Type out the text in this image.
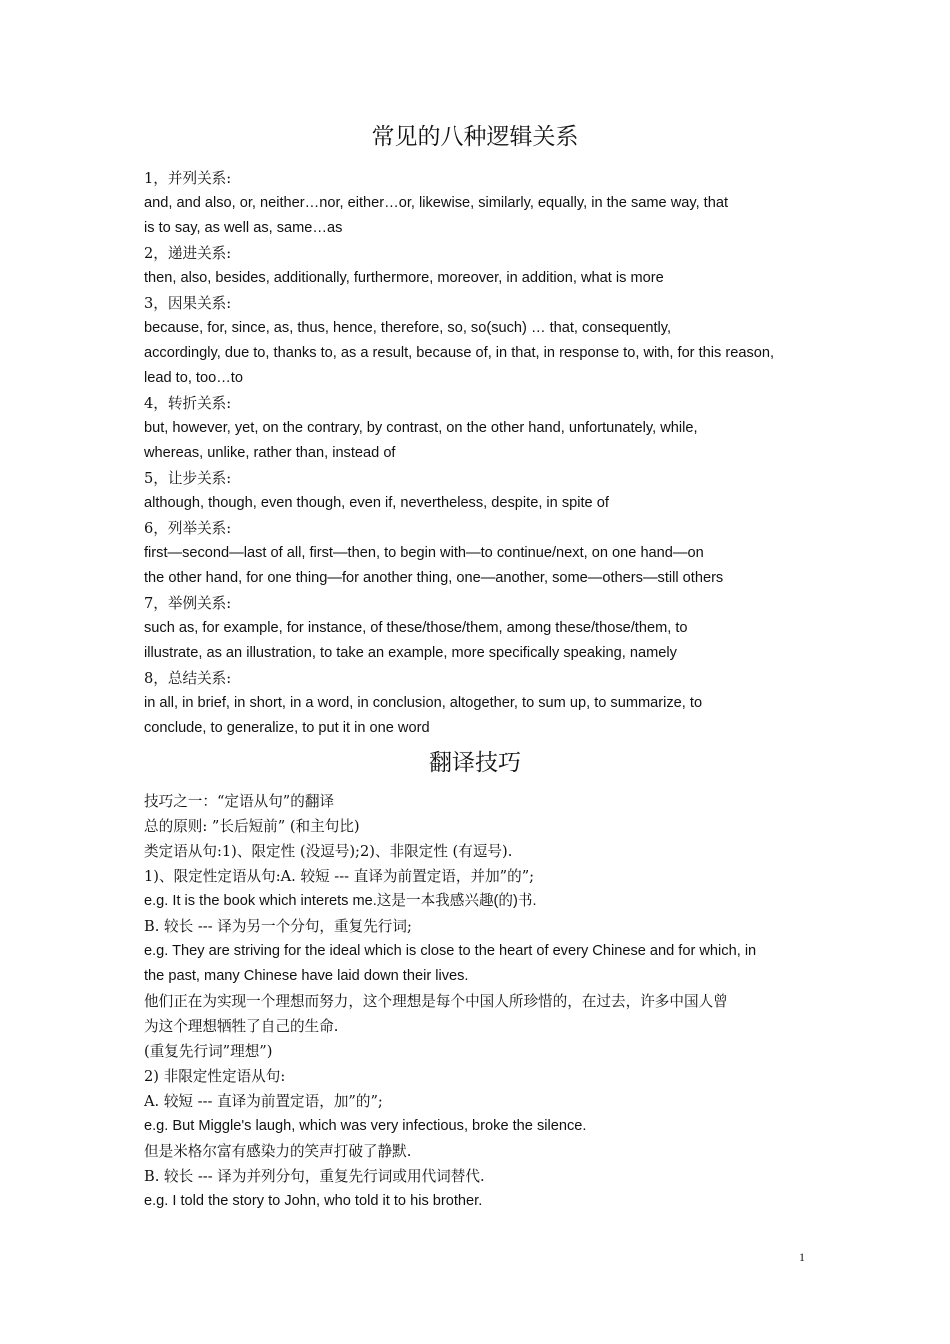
常见的八种逻辑关系
1，并列关系:
and, and also, or, neither…nor, either…or, likewise, similarly, equally, in the same way, that
is to say, as well as, same…as
2，递进关系:
then, also, besides, additionally, furthermore, moreover, in addition, what is more
3，因果关系:
because, for, since, as, thus, hence, therefore, so, so(such) … that, consequently,
accordingly, due to, thanks to, as a result, because of, in that, in response to, with, for this reason,
lead to, too…to
4，转折关系:
but, however, yet, on the contrary, by contrast, on the other hand, unfortunately, while,
whereas, unlike, rather than, instead of
5，让步关系:
although, though, even though, even if, nevertheless, despite, in spite of
6，列举关系:
first—second—last of all, first—then, to begin with—to continue/next, on one hand—on
the other hand, for one thing—for another thing, one—another, some—others—still others
7，举例关系:
such as, for example, for instance, of these/those/them, among these/those/them, to
illustrate, as an illustration, to take an example, more specifically speaking, namely
8，总结关系:
in all, in brief, in short, in a word, in conclusion, altogether, to sum up, to summarize, to
conclude, to generalize, to put it in one word
翻译技巧
技巧之一：“定语从句”的翻译
总的原则: ”长后短前” (和主句比)
类定语从句:1)、限定性 (没逗号);2)、非限定性 (有逗号).
1)、限定性定语从句:A. 较短 --- 直译为前置定语，并加”的”;
e.g. It is the book which interets me.这是一本我感兴趣(的)书.
B. 较长 --- 译为另一个分句，重复先行词;
e.g. They are striving for the ideal which is close to the heart of every Chinese and for which, in
the past, many Chinese have laid down their lives.
他们正在为实现一个理想而努力，这个理想是每个中国人所珍惜的，在过去，许多中国人曾
为这个理想牺牲了自己的生命.
(重复先行词”理想”)
2) 非限定性定语从句:
A. 较短 --- 直译为前置定语，加”的”;
e.g. But Miggle's laugh, which was very infectious, broke the silence.
但是米格尔富有感染力的笑声打破了静默.
B. 较长 --- 译为并列分句，重复先行词或用代词替代.
e.g. I told the story to John, who told it to his brother.
1
